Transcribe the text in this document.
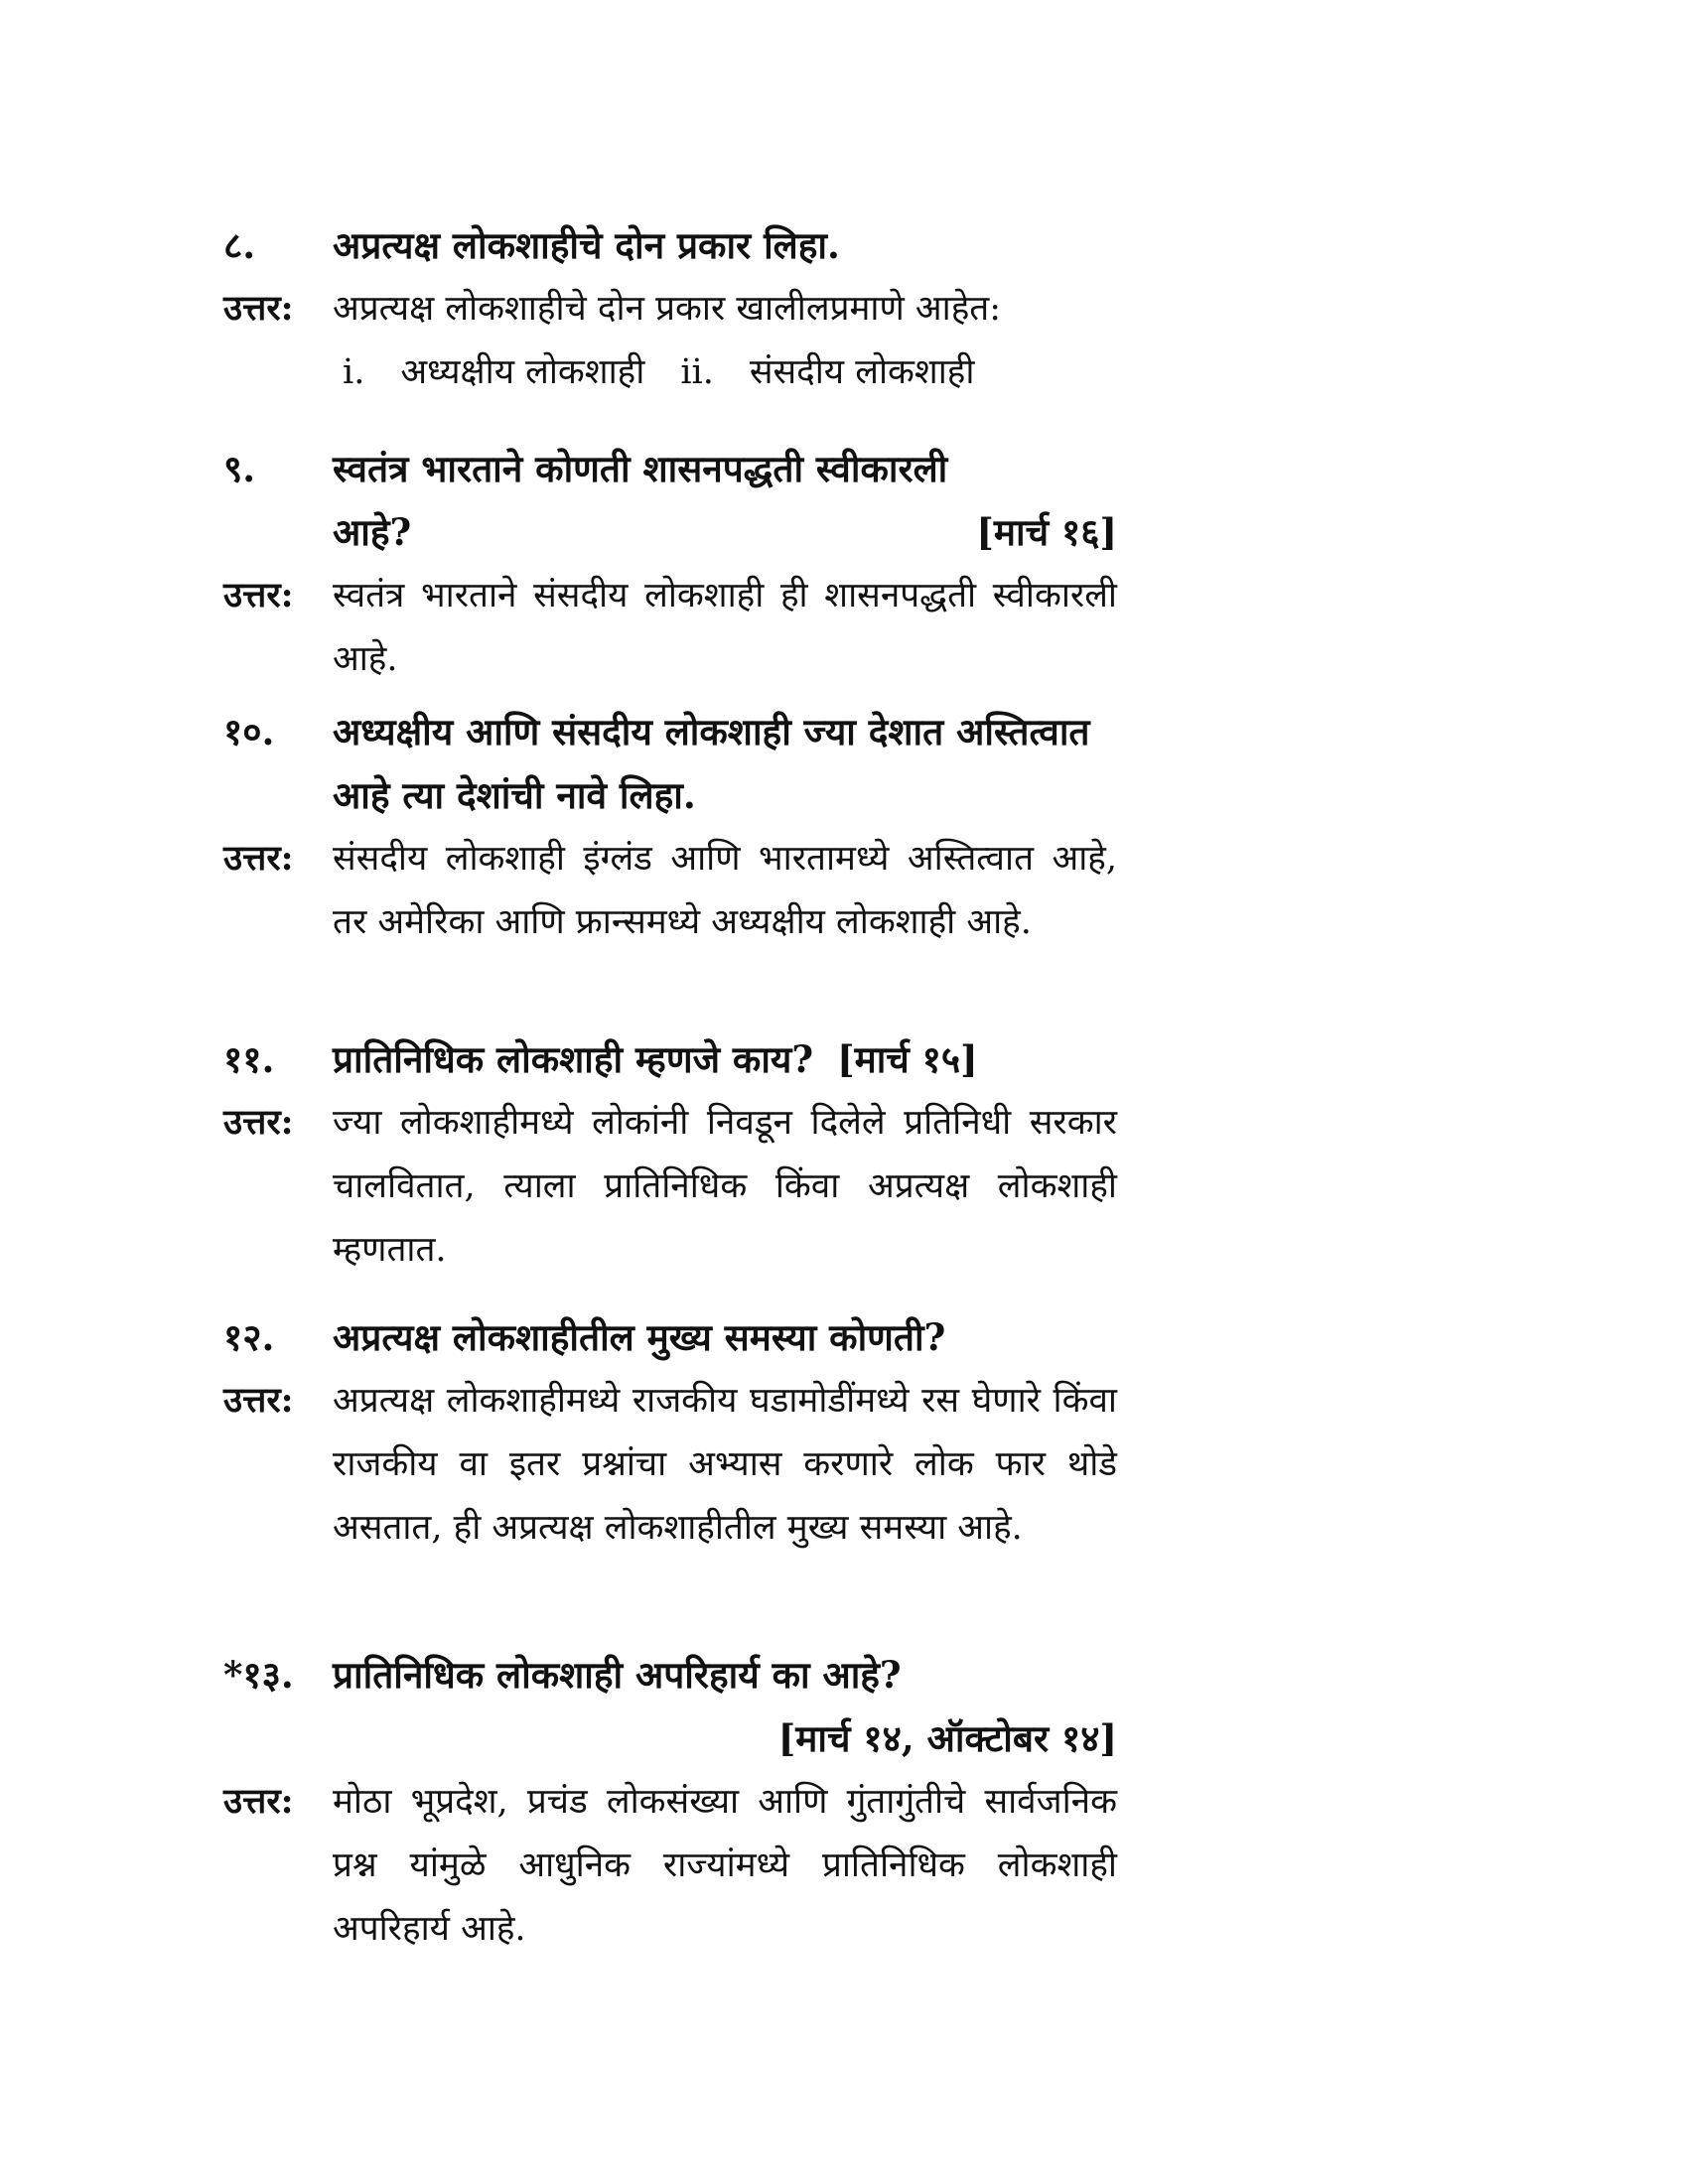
८.	अप्रत्यक्ष लोकशाहीचे दोन प्रकार लिहा.
उत्तर:	अप्रत्यक्ष लोकशाहीचे दोन प्रकार खालीलप्रमाणे आहेत:
i. अध्यक्षीय लोकशाही ii. संसदीय लोकशाही
९.	स्वतंत्र भारताने कोणती शासनपद्धती स्वीकारली
आहे?	[मार्च १६]
उत्तर:	स्वतंत्र भारताने संसदीय लोकशाही ही शासनपद्धती स्वीकारली आहे.
१०.	अध्यक्षीय आणि संसदीय लोकशाही ज्या देशात अस्तित्वात आहे त्या देशांची नावे लिहा.
उत्तर:	संसदीय लोकशाही इंग्लंड आणि भारतामध्ये अस्तित्वात आहे, तर अमेरिका आणि फ्रान्समध्ये अध्यक्षीय लोकशाही आहे.
११.	प्रातिनिधिक लोकशाही म्हणजे काय? [मार्च १५]
उत्तर:	ज्या लोकशाहीमध्ये लोकांनी निवडून दिलेले प्रतिनिधी सरकार चालवितात, त्याला प्रातिनिधिक किंवा अप्रत्यक्ष लोकशाही म्हणतात.
१२.	अप्रत्यक्ष लोकशाहीतील मुख्य समस्या कोणती?
उत्तर:	अप्रत्यक्ष लोकशाहीमध्ये राजकीय घडामोडींमध्ये रस घेणारे किंवा राजकीय वा इतर प्रश्नांचा अभ्यास करणारे लोक फार थोडे असतात, ही अप्रत्यक्ष लोकशाहीतील मुख्य समस्या आहे.
*१३.	प्रातिनिधिक लोकशाही अपरिहार्य का आहे?
[मार्च १४, ऑक्टोबर १४]
उत्तर:	मोठा भूप्रदेश, प्रचंड लोकसंख्या आणि गुंतागुंतीचे सार्वजनिक प्रश्न यांमुळे आधुनिक राज्यांमध्ये प्रातिनिधिक लोकशाही अपरिहार्य आहे.
